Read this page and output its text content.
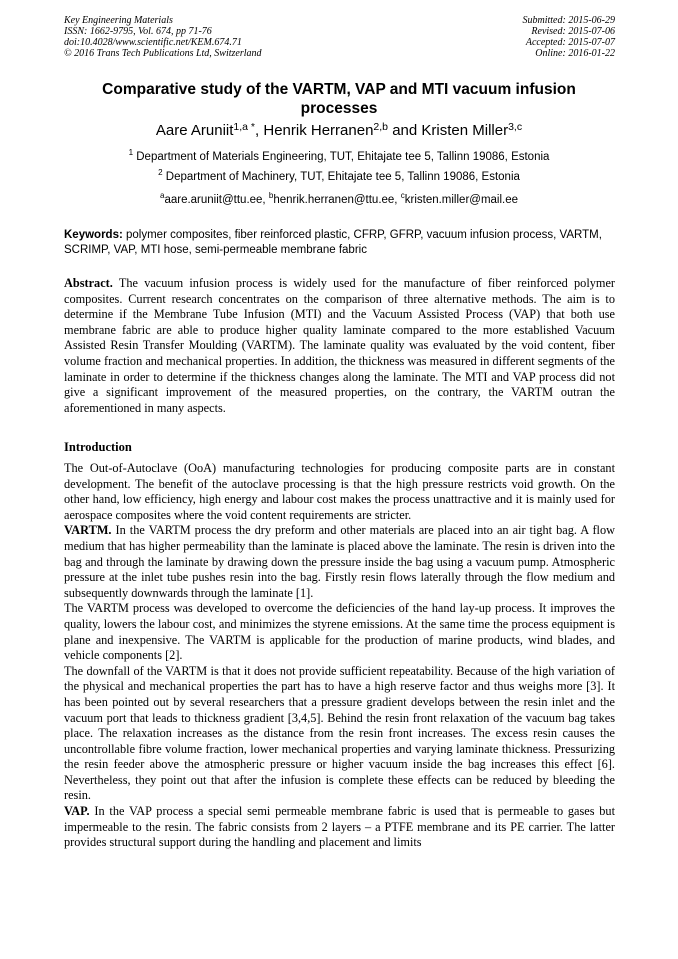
Key Engineering Materials
ISSN: 1662-9795, Vol. 674, pp 71-76
doi:10.4028/www.scientific.net/KEM.674.71
© 2016 Trans Tech Publications Ltd, Switzerland
Submitted: 2015-06-29
Revised: 2015-07-06
Accepted: 2015-07-07
Online: 2016-01-22
Comparative study of the VARTM, VAP and MTI vacuum infusion processes
Aare Aruniit$^{1,a *}$, Henrik Herranen$^{2,b}$ and Kristen Miller$^{3,c}$
$^1$ Department of Materials Engineering, TUT, Ehitajate tee 5, Tallinn 19086, Estonia
$^2$ Department of Machinery, TUT, Ehitajate tee 5, Tallinn 19086, Estonia
$^a$aare.aruniit@ttu.ee, $^b$henrik.herranen@ttu.ee, $^c$kristen.miller@mail.ee
Keywords: polymer composites, fiber reinforced plastic, CFRP, GFRP, vacuum infusion process, VARTM, SCRIMP, VAP, MTI hose, semi-permeable membrane fabric

Abstract. The vacuum infusion process is widely used for the manufacture of fiber reinforced polymer composites. Current research concentrates on the comparison of three alternative methods. The aim is to determine if the Membrane Tube Infusion (MTI) and the Vacuum Assisted Process (VAP) that both use membrane fabric are able to produce higher quality laminate compared to the more established Vacuum Assisted Resin Transfer Moulding (VARTM). The laminate quality was evaluated by the void content, fiber volume fraction and mechanical properties. In addition, the thickness was measured in different segments of the laminate in order to determine if the thickness changes along the laminate. The MTI and VAP process did not give a significant improvement of the measured properties, on the contrary, the VARTM outran the aforementioned in many aspects.

Introduction

The Out-of-Autoclave (OoA) manufacturing technologies for producing composite parts are in constant development. The benefit of the autoclave processing is that the high pressure restricts void growth. On the other hand, low efficiency, high energy and labour cost makes the process unattractive and it is mainly used for aerospace composites where the void content requirements are stricter.

VARTM. In the VARTM process the dry preform and other materials are placed into an air tight bag. A flow medium that has higher permeability than the laminate is placed above the laminate. The resin is driven into the bag and through the laminate by drawing down the pressure inside the bag using a vacuum pump. Atmospheric pressure at the inlet tube pushes resin into the bag. Firstly resin flows laterally through the flow medium and subsequently downwards through the laminate [1].

The VARTM process was developed to overcome the deficiencies of the hand lay-up process. It improves the quality, lowers the labour cost, and minimizes the styrene emissions. At the same time the process equipment is plane and inexpensive. The VARTM is applicable for the production of marine products, wind blades, and vehicle components [2].

The downfall of the VARTM is that it does not provide sufficient repeatability. Because of the high variation of the physical and mechanical properties the part has to have a high reserve factor and thus weighs more [3]. It has been pointed out by several researchers that a pressure gradient develops between the resin inlet and the vacuum port that leads to thickness gradient [3,4,5]. Behind the resin front relaxation of the vacuum bag takes place. The relaxation increases as the distance from the resin front increases. The excess resin causes the uncontrollable fibre volume fraction, lower mechanical properties and varying laminate thickness. Pressurizing the resin feeder above the atmospheric pressure or higher vacuum inside the bag increases this effect [6]. Nevertheless, they point out that after the infusion is complete these effects can be reduced by bleeding the resin.

VAP. In the VAP process a special semi permeable membrane fabric is used that is permeable to gases but impermeable to the resin. The fabric consists from 2 layers – a PTFE membrane and its PE carrier. The latter provides structural support during the handling and placement and limits
